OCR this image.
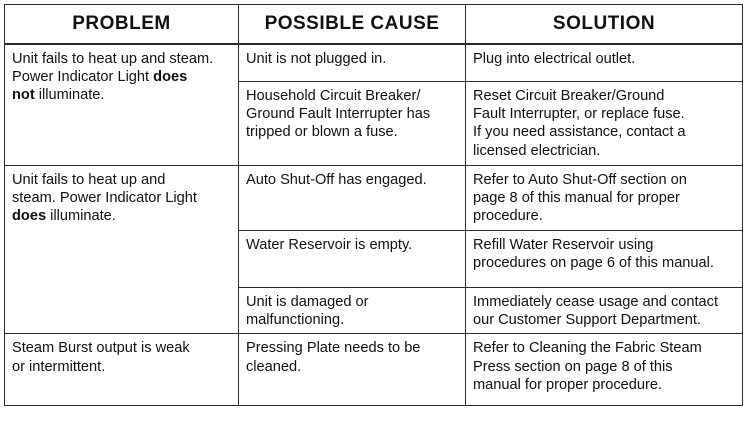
PROBLEM	POSSIBLE CAUSE	SOLUTION

Unit fails to heat up and steam.
Power Indicator Light does
not illuminate.	Unit is not plugged in.	Plug into electrical outlet.

	Household Circuit Breaker/
Ground Fault Interrupter has
tripped or blown a fuse.	Reset Circuit Breaker/Ground
Fault Interrupter, or replace fuse.
If you need assistance, contact a
licensed electrician.

Unit fails to heat up and
steam. Power Indicator Light
does illuminate.	Auto Shut-Off has engaged.	Refer to Auto Shut-Off section on
page 8 of this manual for proper
procedure.

	Water Reservoir is empty.	Refill Water Reservoir using
procedures on page 6 of this manual.

	Unit is damaged or
malfunctioning.	Immediately cease usage and contact
our Customer Support Department.

Steam Burst output is weak
or intermittent.	Pressing Plate needs to be
cleaned.	Refer to Cleaning the Fabric Steam
Press section on page 8 of this
manual for proper procedure.
